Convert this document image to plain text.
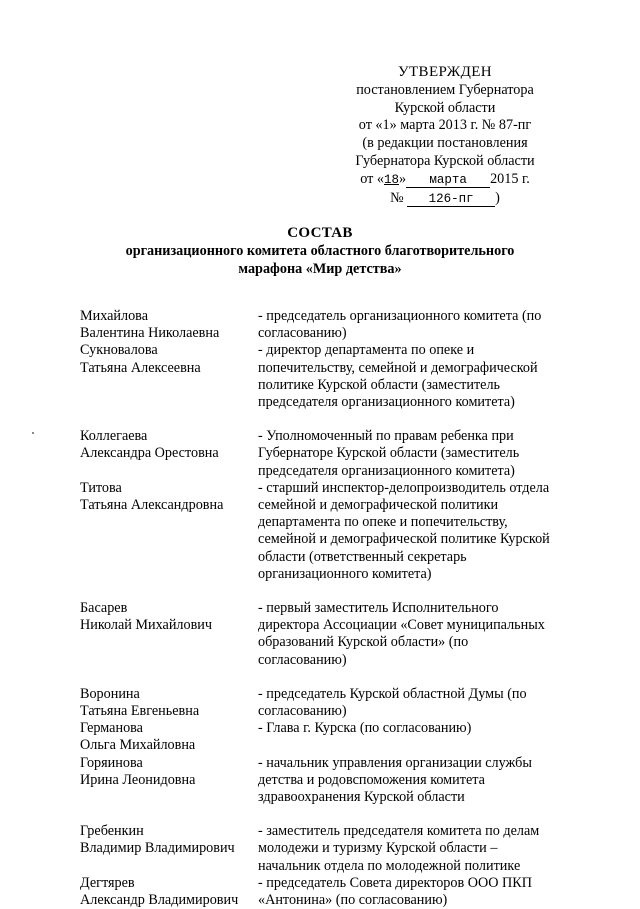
УТВЕРЖДЕН
постановлением Губернатора
Курской области
от «1» марта 2013 г. № 87-пг
(в редакции постановления
Губернатора Курской области
от «18» марта 2015 г.
№ 126-пг )
СОСТАВ
организационного комитета областного благотворительного
марафона «Мир детства»
Михайлова
Валентина Николаевна
- председатель организационного комитета (по
согласованию)
Сукновалова
Татьяна Алексеевна
- директор департамента по опеке и
попечительству, семейной и демографической
политике Курской области (заместитель
председателя организационного комитета)
Коллегаева
Александра Орестовна
- Уполномоченный по правам ребенка при
Губернаторе Курской области (заместитель
председателя организационного комитета)
Титова
Татьяна Александровна
- старший инспектор-делопроизводитель отдела
семейной и демографической политики
департамента по опеке и попечительству,
семейной и демографической политике Курской
области (ответственный секретарь
организационного комитета)
Басарев
Николай Михайлович
- первый заместитель Исполнительного
директора Ассоциации «Совет муниципальных
образований Курской области» (по
согласованию)
Воронина
Татьяна Евгеньевна
- председатель Курской областной Думы (по
согласованию)
Германова
Ольга Михайловна
- Глава г. Курска (по согласованию)
Горяинова
Ирина Леонидовна
- начальник управления организации службы
детства и родовспоможения комитета
здравоохранения Курской области
Гребенкин
Владимир Владимирович
- заместитель председателя комитета по делам
молодежи и туризму Курской области –
начальник отдела по молодежной политике
Дегтярев
Александр Владимирович
- председатель Совета директоров ООО ПКП
«Антонина» (по согласованию)
